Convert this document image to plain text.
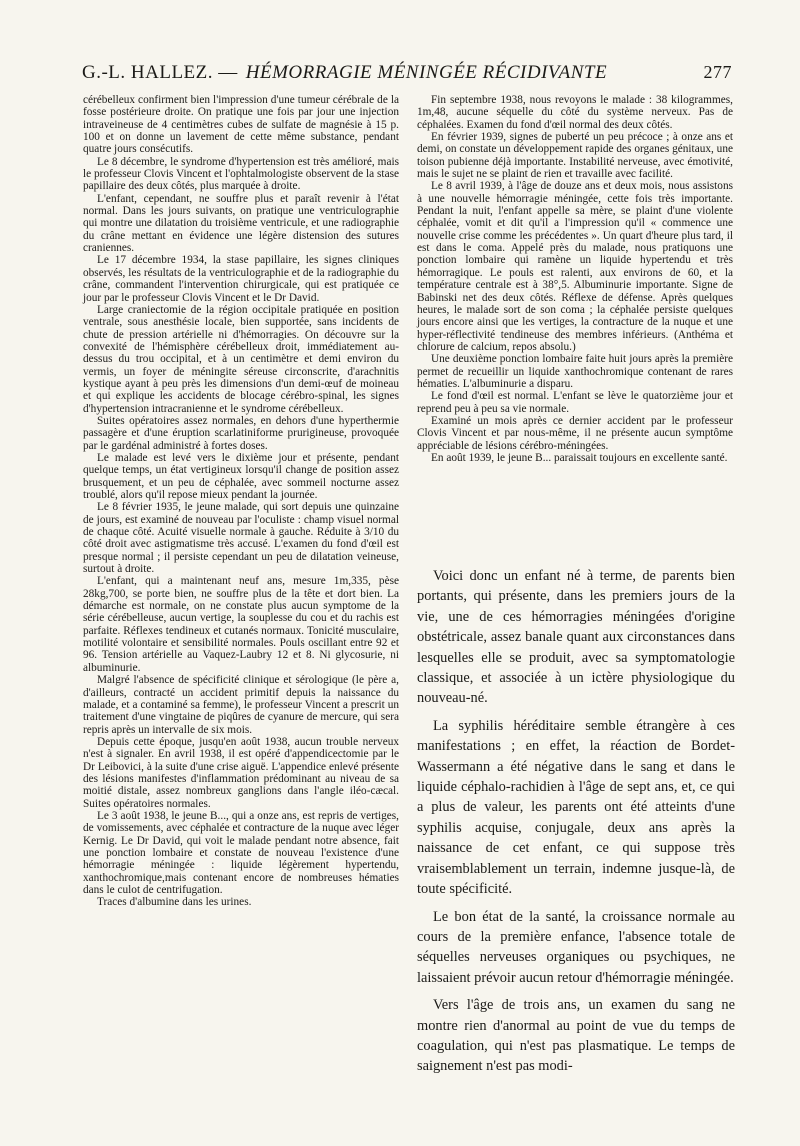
G.-L. HALLEZ. — HÉMORRAGIE MÉNINGÉE RÉCIDIVANTE	277

cérébelleux confirment bien l'impression d'une tumeur cérébrale de la fosse postérieure droite. On pratique une fois par jour une injection intraveineuse de 4 centimètres cubes de sulfate de magnésie à 15 p. 100 et on donne un lavement de cette même substance, pendant quatre jours consécutifs.

Le 8 décembre, le syndrome d'hypertension est très amélioré, mais le professeur Clovis Vincent et l'ophtalmologiste observent de la stase papillaire des deux côtés, plus marquée à droite.

L'enfant, cependant, ne souffre plus et paraît revenir à l'état normal. Dans les jours suivants, on pratique une ventriculographie qui montre une dilatation du troisième ventricule, et une radiographie du crâne mettant en évidence une légère distension des sutures craniennes.

Le 17 décembre 1934, la stase papillaire, les signes cliniques observés, les résultats de la ventriculographie et de la radiographie du crâne, commandent l'intervention chirurgicale, qui est pratiquée ce jour par le professeur Clovis Vincent et le Dr David.

Large craniectomie de la région occipitale pratiquée en position ventrale, sous anesthésie locale, bien supportée, sans incidents de chute de pression artérielle ni d'hémorragies. On découvre sur la convexité de l'hémisphère cérébelleux droit, immédiatement au-dessus du trou occipital, et à un centimètre et demi environ du vermis, un foyer de méningite séreuse circonscrite, d'arachnitis kystique ayant à peu près les dimensions d'un demi-œuf de moineau et qui explique les accidents de blocage cérébro-spinal, les signes d'hypertension intracranienne et le syndrome cérébelleux.

Suites opératoires assez normales, en dehors d'une hyperthermie passagère et d'une éruption scarlatiniforme prurigineuse, provoquée par le gardénal administré à fortes doses.

Le malade est levé vers le dixième jour et présente, pendant quelque temps, un état vertigineux lorsqu'il change de position assez brusquement, et un peu de céphalée, avec sommeil nocturne assez troublé, alors qu'il repose mieux pendant la journée.

Le 8 février 1935, le jeune malade, qui sort depuis une quinzaine de jours, est examiné de nouveau par l'oculiste : champ visuel normal de chaque côté. Acuité visuelle normale à gauche. Réduite à 3/10 du côté droit avec astigmatisme très accusé. L'examen du fond d'œil est presque normal ; il persiste cependant un peu de dilatation veineuse, surtout à droite.

L'enfant, qui a maintenant neuf ans, mesure 1m,335, pèse 28kg,700, se porte bien, ne souffre plus de la tête et dort bien. La démarche est normale, on ne constate plus aucun symptome de la série cérébelleuse, aucun vertige, la souplesse du cou et du rachis est parfaite. Réflexes tendineux et cutanés normaux. Tonicité musculaire, motilité volontaire et sensibilité normales. Pouls oscillant entre 92 et 96. Tension artérielle au Vaquez-Laubry 12 et 8. Ni glycosurie, ni albuminurie.

Malgré l'absence de spécificité clinique et sérologique (le père a, d'ailleurs, contracté un accident primitif depuis la naissance du malade, et a contaminé sa femme), le professeur Vincent a prescrit un traitement d'une vingtaine de piqûres de cyanure de mercure, qui sera repris après un intervalle de six mois.

Depuis cette époque, jusqu'en août 1938, aucun trouble nerveux n'est à signaler. En avril 1938, il est opéré d'appendicectomie par le Dr Leibovici, à la suite d'une crise aiguë. L'appendice enlevé présente des lésions manifestes d'inflammation prédominant au niveau de sa moitié distale, assez nombreux ganglions dans l'angle iléo-cæcal. Suites opératoires normales.

Le 3 août 1938, le jeune B..., qui a onze ans, est repris de vertiges, de vomissements, avec céphalée et contracture de la nuque avec léger Kernig. Le Dr David, qui voit le malade pendant notre absence, fait une ponction lombaire et constate de nouveau l'existence d'une hémorragie méningée : liquide légèrement hypertendu, xanthochromique,mais contenant encore de nombreuses hématies dans le culot de centrifugation.

Traces d'albumine dans les urines.

Fin septembre 1938, nous revoyons le malade : 38 kilogrammes, 1m,48, aucune séquelle du côté du système nerveux. Pas de céphalées. Examen du fond d'œil normal des deux côtés.

En février 1939, signes de puberté un peu précoce ; à onze ans et demi, on constate un développement rapide des organes génitaux, une toison pubienne déjà importante. Instabilité nerveuse, avec émotivité, mais le sujet ne se plaint de rien et travaille avec facilité.

Le 8 avril 1939, à l'âge de douze ans et deux mois, nous assistons à une nouvelle hémorragie méningée, cette fois très importante. Pendant la nuit, l'enfant appelle sa mère, se plaint d'une violente céphalée, vomit et dit qu'il a l'impression qu'il « commence une nouvelle crise comme les précédentes ». Un quart d'heure plus tard, il est dans le coma. Appelé près du malade, nous pratiquons une ponction lombaire qui ramène un liquide hypertendu et très hémorragique. Le pouls est ralenti, aux environs de 60, et la température centrale est à 38°,5. Albuminurie importante. Signe de Babinski net des deux côtés. Réflexe de défense. Après quelques heures, le malade sort de son coma ; la céphalée persiste quelques jours encore ainsi que les vertiges, la contracture de la nuque et une hyper-réflectivité tendineuse des membres inférieurs. (Anthéma et chlorure de calcium, repos absolu.)

Une deuxième ponction lombaire faite huit jours après la première permet de recueillir un liquide xanthochromique contenant de rares hématies. L'albuminurie a disparu.

Le fond d'œil est normal. L'enfant se lève le quatorzième jour et reprend peu à peu sa vie normale.

Examiné un mois après ce dernier accident par le professeur Clovis Vincent et par nous-même, il ne présente aucun symptôme appréciable de lésions cérébro-méningées.

En août 1939, le jeune B... paraissait toujours en excellente santé.

Voici donc un enfant né à terme, de parents bien portants, qui présente, dans les premiers jours de la vie, une de ces hémorragies méningées d'origine obstétricale, assez banale quant aux circonstances dans lesquelles elle se produit, avec sa symptomatologie classique, et associée à un ictère physiologique du nouveau-né.

La syphilis héréditaire semble étrangère à ces manifestations ; en effet, la réaction de Bordet-Wassermann a été négative dans le sang et dans le liquide céphalo-rachidien à l'âge de sept ans, et, ce qui a plus de valeur, les parents ont été atteints d'une syphilis acquise, conjugale, deux ans après la naissance de cet enfant, ce qui suppose très vraisemblablement un terrain, indemne jusque-là, de toute spécificité.

Le bon état de la santé, la croissance normale au cours de la première enfance, l'absence totale de séquelles nerveuses organiques ou psychiques, ne laissaient prévoir aucun retour d'hémorragie méningée.

Vers l'âge de trois ans, un examen du sang ne montre rien d'anormal au point de vue du temps de coagulation, qui n'est pas plasmatique. Le temps de saignement n'est pas modi-
